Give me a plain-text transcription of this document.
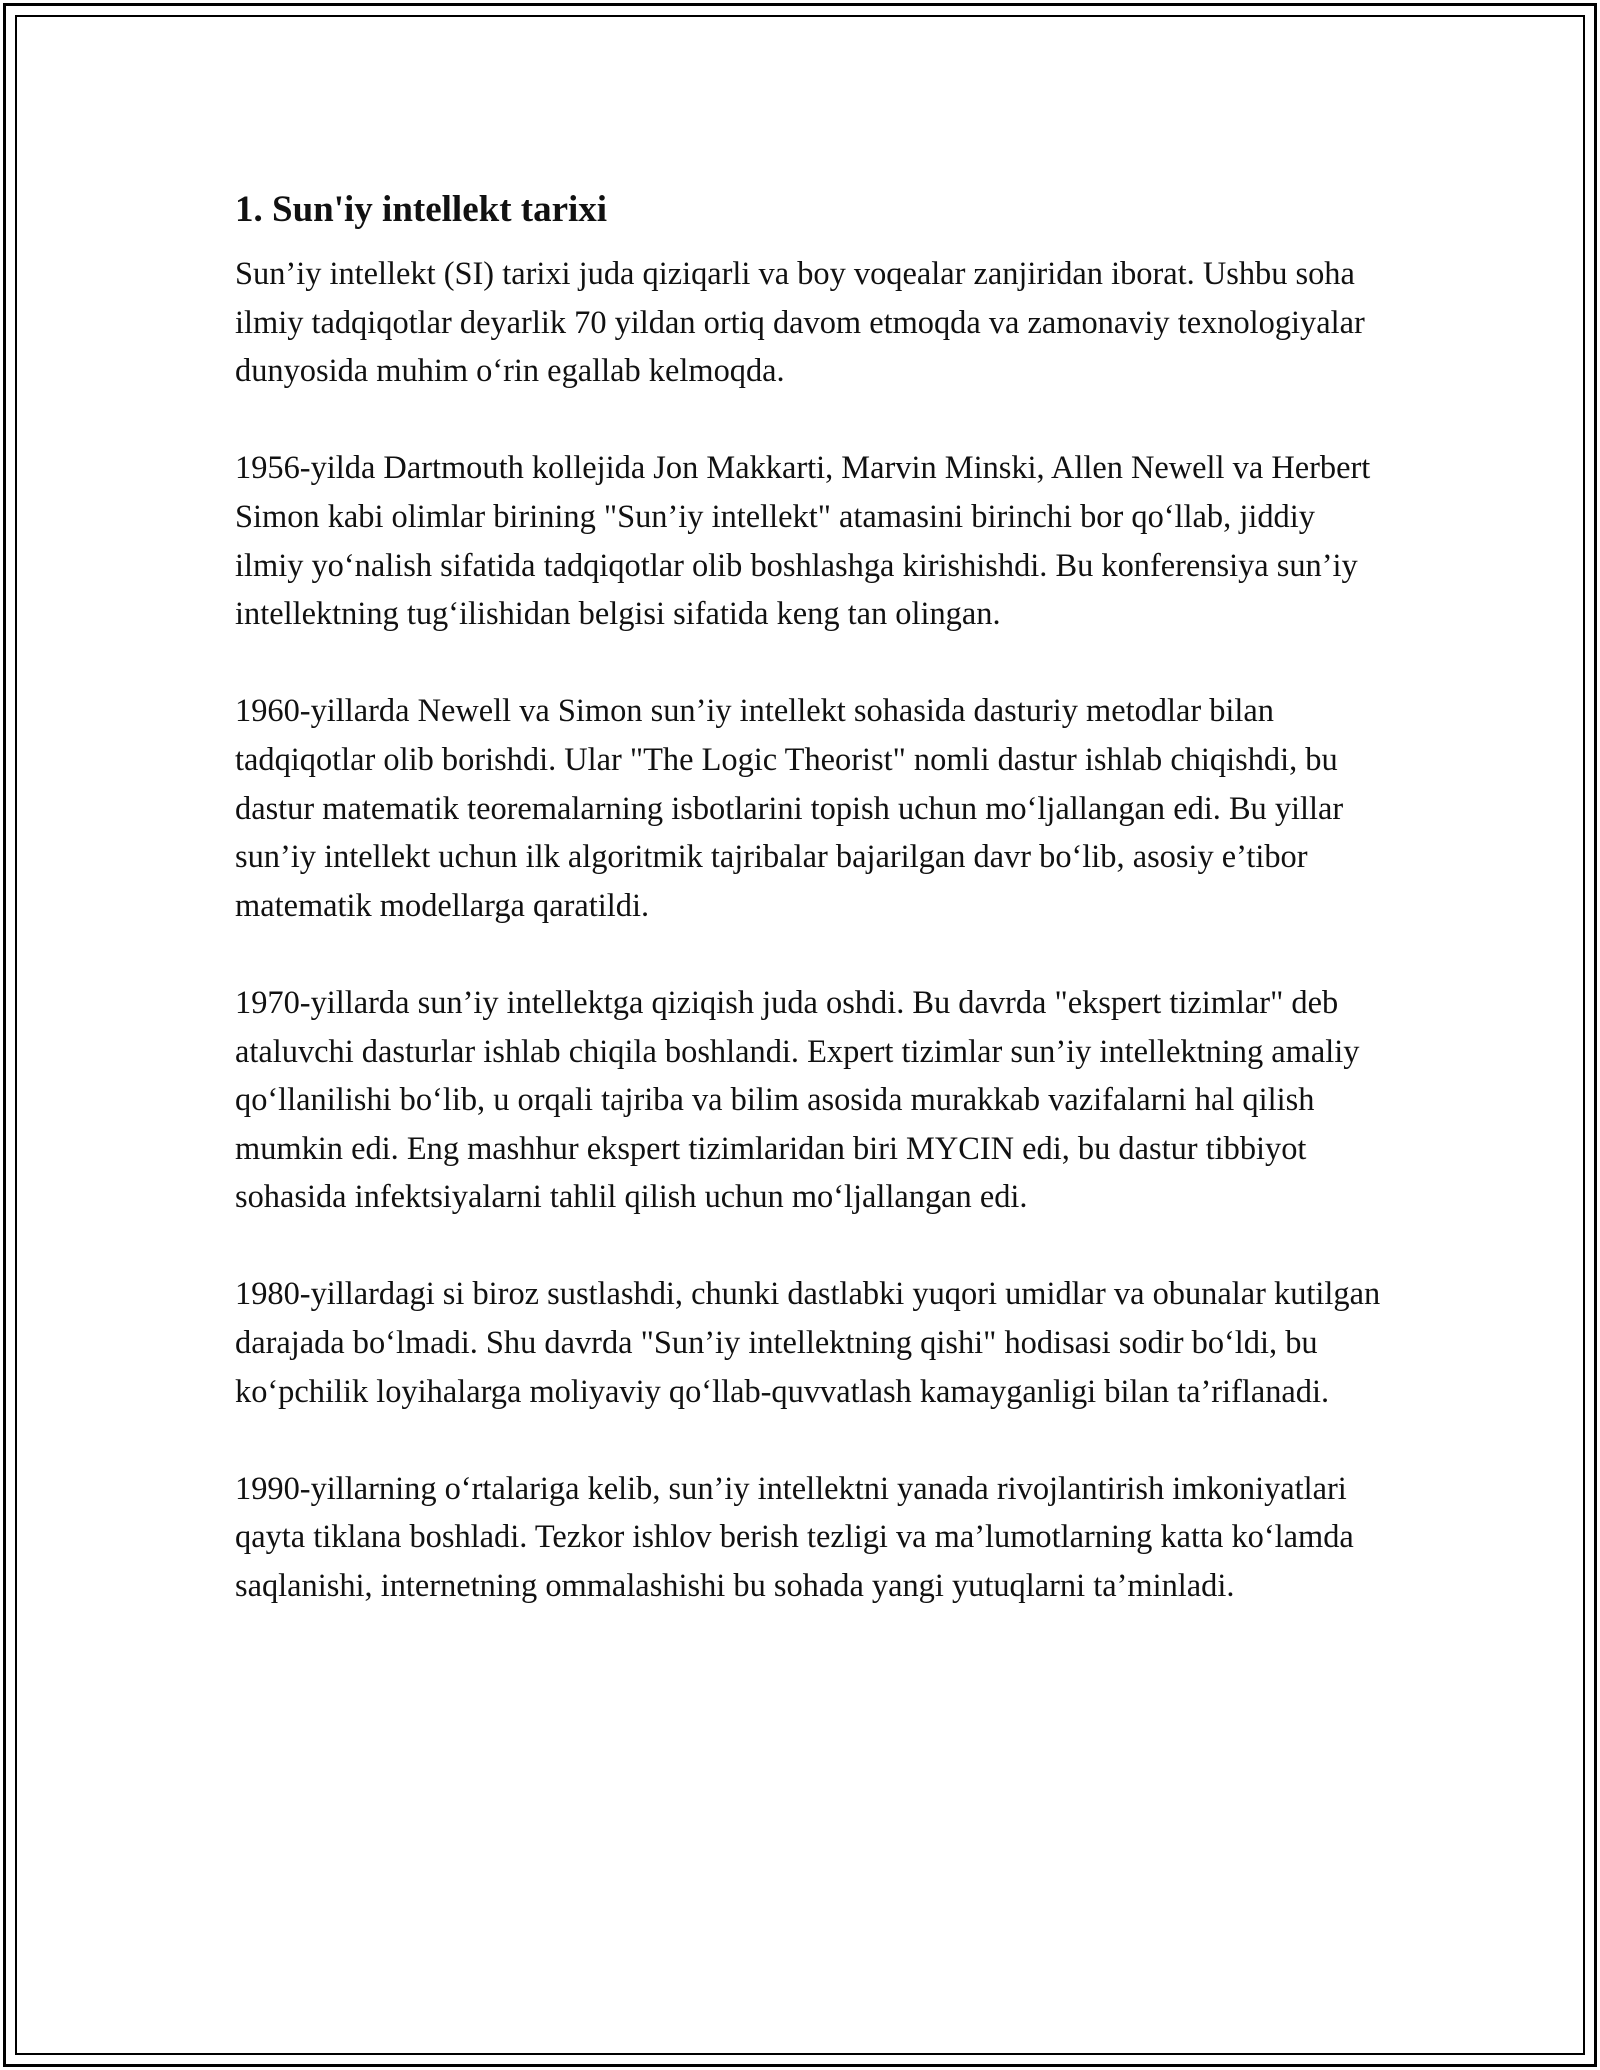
1. Sun'iy intellekt tarixi

Sun’iy intellekt (SI) tarixi juda qiziqarli va boy voqealar zanjiridan iborat. Ushbu soha ilmiy tadqiqotlar deyarlik 70 yildan ortiq davom etmoqda va zamonaviy texnologiyalar dunyosida muhim o‘rin egallab kelmoqda.

1956-yilda Dartmouth kollejida Jon Makkarti, Marvin Minski, Allen Newell va Herbert Simon kabi olimlar birining "Sun’iy intellekt" atamasini birinchi bor qo‘llab, jiddiy ilmiy yo‘nalish sifatida tadqiqotlar olib boshlashga kirishishdi. Bu konferensiya sun’iy intellektning tug‘ilishidan belgisi sifatida keng tan olingan.

1960-yillarda Newell va Simon sun’iy intellekt sohasida dasturiy metodlar bilan tadqiqotlar olib borishdi. Ular "The Logic Theorist" nomli dastur ishlab chiqishdi, bu dastur matematik teoremalarning isbotlarini topish uchun mo‘ljallangan edi. Bu yillar sun’iy intellekt uchun ilk algoritmik tajribalar bajarilgan davr bo‘lib, asosiy e’tibor matematik modellarga qaratildi.

1970-yillarda sun’iy intellektga qiziqish juda oshdi. Bu davrda "ekspert tizimlar" deb ataluvchi dasturlar ishlab chiqila boshlandi. Expert tizimlar sun’iy intellektning amaliy qo‘llanilishi bo‘lib, u orqali tajriba va bilim asosida murakkab vazifalarni hal qilish mumkin edi. Eng mashhur ekspert tizimlaridan biri MYCIN edi, bu dastur tibbiyot sohasida infektsiyalarni tahlil qilish uchun mo‘ljallangan edi.

1980-yillardagi si biroz sustlashdi, chunki dastlabki yuqori umidlar va obunalar kutilgan darajada bo‘lmadi. Shu davrda "Sun’iy intellektning qishi" hodisasi sodir bo‘ldi, bu ko‘pchilik loyihalarga moliyaviy qo‘llab-quvvatlash kamayganligi bilan ta’riflanadi.

1990-yillarning o‘rtalariga kelib, sun’iy intellektni yanada rivojlantirish imkoniyatlari qayta tiklana boshladi. Tezkor ishlov berish tezligi va ma’lumotlarning katta ko‘lamda saqlanishi, internetning ommalashishi bu sohada yangi yutuqlarni ta’minladi.
